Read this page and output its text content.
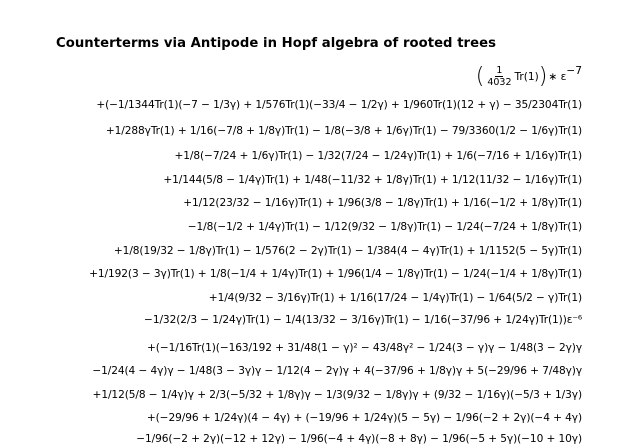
Counterterms via Antipode in Hopf algebra of rooted trees
( $\frac{1}{4032} Tr(1)$ ) ∗ ε −7
+(−1/1344Tr(1)(−7 − 1/3γ) + 1/576Tr(1)(−33/4 − 1/2γ) + 1/960Tr(1)(12 + γ) − 35/2304Tr(1)
+1/288γTr(1) + 1/16(−7/8 + 1/8γ)Tr(1) − 1/8(−3/8 + 1/6γ)Tr(1) − 79/3360(1/2 − 1/6γ)Tr(1)
+1/8(−7/24 + 1/6γ)Tr(1) − 1/32(7/24 − 1/24γ)Tr(1) + 1/6(−7/16 + 1/16γ)Tr(1)
+1/144(5/8 − 1/4γ)Tr(1) + 1/48(−11/32 + 1/8γ)Tr(1) + 1/12(11/32 − 1/16γ)Tr(1)
+1/12(23/32 − 1/16γ)Tr(1) + 1/96(3/8 − 1/8γ)Tr(1) + 1/16(−1/2 + 1/8γ)Tr(1)
−1/8(−1/2 + 1/4γ)Tr(1) − 1/12(9/32 − 1/8γ)Tr(1) − 1/24(−7/24 + 1/8γ)Tr(1)
+1/8(19/32 − 1/8γ)Tr(1) − 1/576(2 − 2γ)Tr(1) − 1/384(4 − 4γ)Tr(1) + 1/1152(5 − 5γ)Tr(1)
+1/192(3 − 3γ)Tr(1) + 1/8(−1/4 + 1/4γ)Tr(1) + 1/96(1/4 − 1/8γ)Tr(1) − 1/24(−1/4 + 1/8γ)Tr(1)
+1/4(9/32 − 3/16γ)Tr(1) + 1/16(17/24 − 1/4γ)Tr(1) − 1/64(5/2 − γ)Tr(1)
−1/32(2/3 − 1/24γ)Tr(1) − 1/4(13/32 − 3/16γ)Tr(1) − 1/16(−37/96 + 1/24γ)Tr(1))ε⁻⁶
+(−1/16Tr(1)(−163/192 + 31/48(1 − γ)² − 43/48γ² − 1/24(3 − γ)γ − 1/48(3 − 2γ)γ
−1/24(4 − 4γ)γ − 1/48(3 − 3γ)γ − 1/12(4 − 2γ)γ + 4(−37/96 + 1/8γ)γ + 5(−29/96 + 7/48γ)γ
+1/12(5/8 − 1/4γ)γ + 2/3(−5/32 + 1/8γ)γ − 1/3(9/32 − 1/8γ)γ + (9/32 − 1/16γ)(−5/3 + 1/3γ)
+(−29/96 + 1/24γ)(4 − 4γ) + (−19/96 + 1/24γ)(5 − 5γ) − 1/96(−2 + 2γ)(−4 + 4γ)
−1/96(−2 + 2γ)(−12 + 12γ) − 1/96(−4 + 4γ)(−8 + 8γ) − 1/96(−5 + 5γ)(−10 + 10γ)
